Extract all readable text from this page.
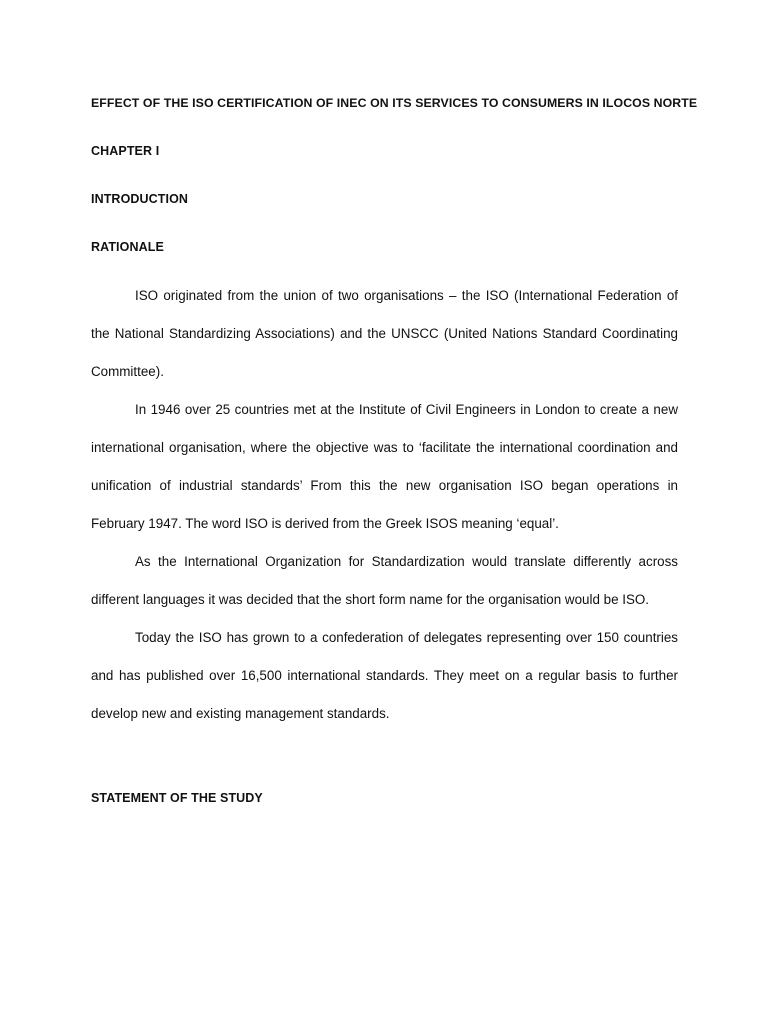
EFFECT OF THE ISO CERTIFICATION OF INEC ON ITS SERVICES TO CONSUMERS IN ILOCOS NORTE
CHAPTER I
INTRODUCTION
RATIONALE

ISO originated from the union of two organisations – the ISO (International Federation of the National Standardizing Associations) and the UNSCC (United Nations Standard Coordinating Committee).

In 1946 over 25 countries met at the Institute of Civil Engineers in London to create a new international organisation, where the objective was to ‘facilitate the international coordination and unification of industrial standards’ From this the new organisation ISO began operations in February 1947. The word ISO is derived from the Greek ISOS meaning ‘equal’.

As the International Organization for Standardization would translate differently across different languages it was decided that the short form name for the organisation would be ISO.

Today the ISO has grown to a confederation of delegates representing over 150 countries and has published over 16,500 international standards. They meet on a regular basis to further develop new and existing management standards.

STATEMENT OF THE STUDY
